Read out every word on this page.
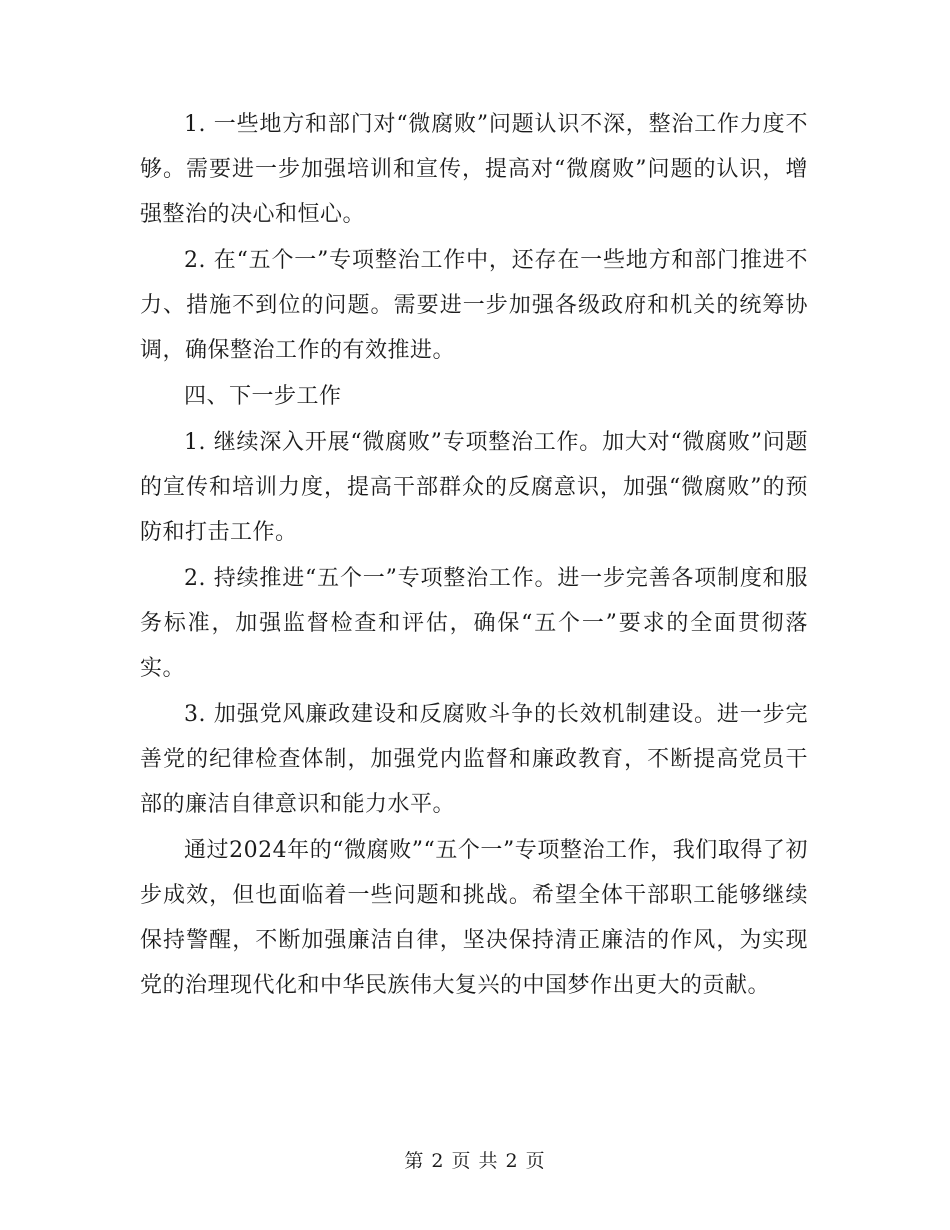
1. 一些地方和部门对“微腐败”问题认识不深，整治工作力度不够。需要进一步加强培训和宣传，提高对“微腐败”问题的认识，增强整治的决心和恒心。

2. 在“五个一”专项整治工作中，还存在一些地方和部门推进不力、措施不到位的问题。需要进一步加强各级政府和机关的统筹协调，确保整治工作的有效推进。

四、下一步工作

1. 继续深入开展“微腐败”专项整治工作。加大对“微腐败”问题的宣传和培训力度，提高干部群众的反腐意识，加强“微腐败”的预防和打击工作。

2. 持续推进“五个一”专项整治工作。进一步完善各项制度和服务标准，加强监督检查和评估，确保“五个一”要求的全面贯彻落实。

3. 加强党风廉政建设和反腐败斗争的长效机制建设。进一步完善党的纪律检查体制，加强党内监督和廉政教育，不断提高党员干部的廉洁自律意识和能力水平。

通过2024年的“微腐败”“五个一”专项整治工作，我们取得了初步成效，但也面临着一些问题和挑战。希望全体干部职工能够继续保持警醒，不断加强廉洁自律，坚决保持清正廉洁的作风，为实现党的治理现代化和中华民族伟大复兴的中国梦作出更大的贡献。

第 2 页 共 2 页
